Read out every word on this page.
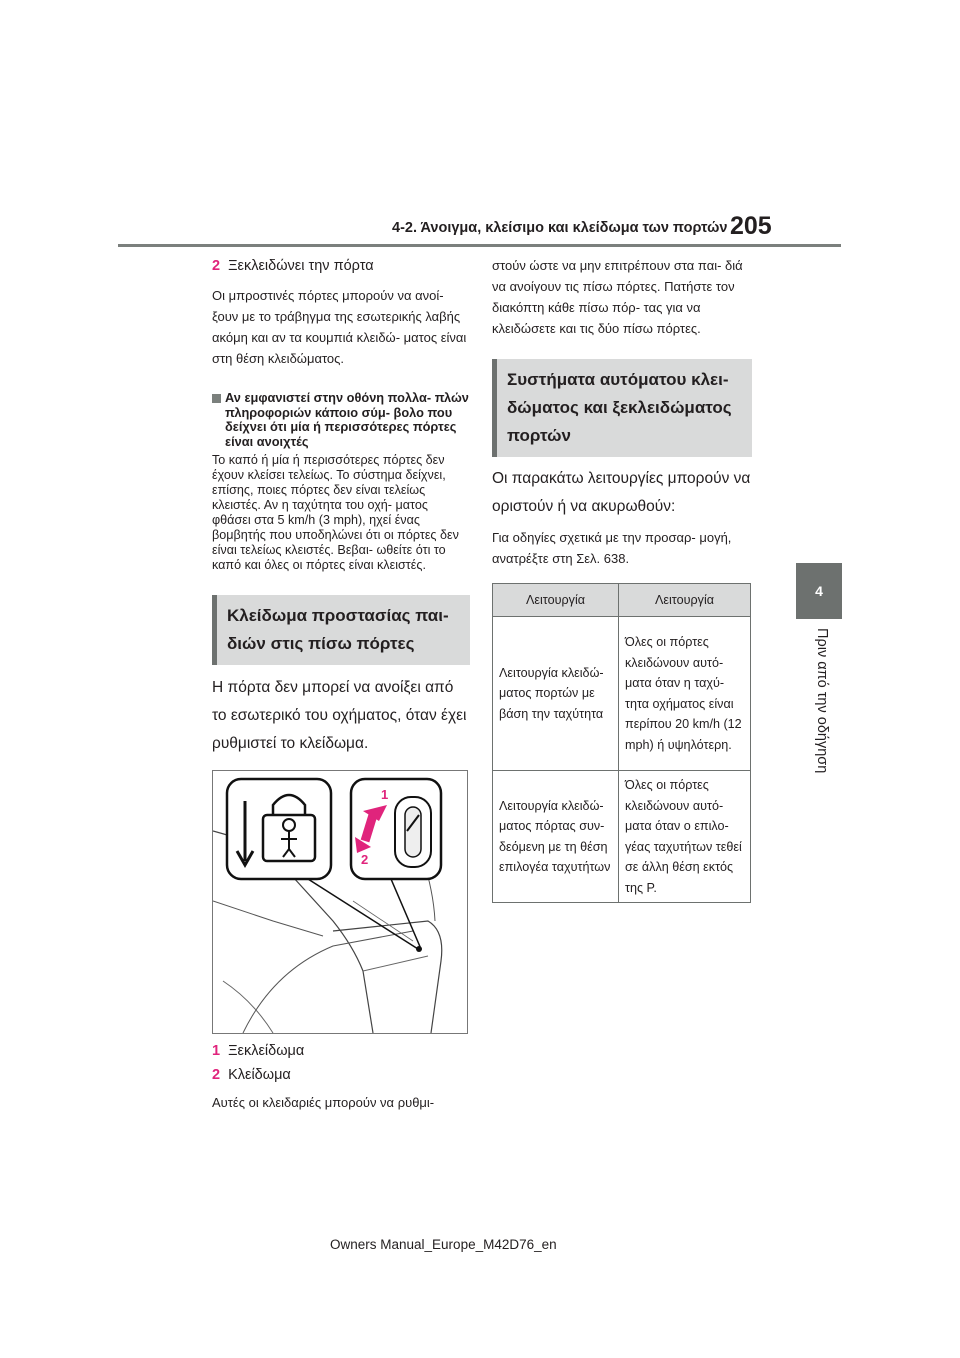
4-2. Άνοιγμα, κλείσιμο και κλείδωμα των πορτών 205
4
Πριν από την οδήγηση
2 Ξεκλειδώνει την πόρτα

Οι μπροστινές πόρτες μπορούν να ανοί- ξουν με το τράβηγμα της εσωτερικής λαβής ακόμη και αν τα κουμπιά κλειδώ- ματος είναι στη θέση κλειδώματος.

Αν εμφανιστεί στην οθόνη πολλα- πλών πληροφοριών κάποιο σύμ- βολο που δείχνει ότι μία ή περισσότερες πόρτες είναι ανοιχτές

Το καπό ή μία ή περισσότερες πόρτες δεν έχουν κλείσει τελείως. Το σύστημα δείχνει, επίσης, ποιες πόρτες δεν είναι τελείως κλειστές. Αν η ταχύτητα του οχή- ματος φθάσει στα 5 km/h (3 mph), ηχεί ένας βομβητής που υποδηλώνει ότι οι πόρτες δεν είναι τελείως κλειστές. Βεβαι- ωθείτε ότι το καπό και όλες οι πόρτες είναι κλειστές.

Κλείδωμα προστασίας παι- διών στις πίσω πόρτες

Η πόρτα δεν μπορεί να ανοίξει από το εσωτερικό του οχήματος, όταν έχει ρυθμιστεί το κλείδωμα.

1
2
1 Ξεκλείδωμα
2 Κλείδωμα

Αυτές οι κλειδαριές μπορούν να ρυθμι-

στούν ώστε να μην επιτρέπουν στα παι- διά να ανοίγουν τις πίσω πόρτες. Πατήστε τον διακόπτη κάθε πίσω πόρ- τας για να κλειδώσετε και τις δύο πίσω πόρτες.

Συστήματα αυτόματου κλει- δώματος και ξεκλειδώματος πορτών

Οι παρακάτω λειτουργίες μπορούν να οριστούν ή να ακυρωθούν:

Για οδηγίες σχετικά με την προσαρ- μογή, ανατρέξτε στη Σελ. 638.

Λειτουργία	Λειτουργία
Λειτουργία κλειδώ- ματος πορτών με βάση την ταχύτητα	Όλες οι πόρτες κλειδώνουν αυτό- ματα όταν η ταχύ- τητα οχήματος είναι περίπου 20 km/h (12 mph) ή υψηλότερη.
Λειτουργία κλειδώ- ματος πόρτας συν- δεόμενη με τη θέση επιλογέα ταχυτήτων	Όλες οι πόρτες κλειδώνουν αυτό- ματα όταν ο επιλο- γέας ταχυτήτων τεθεί σε άλλη θέση εκτός της P.
Owners Manual_Europe_M42D76_en
